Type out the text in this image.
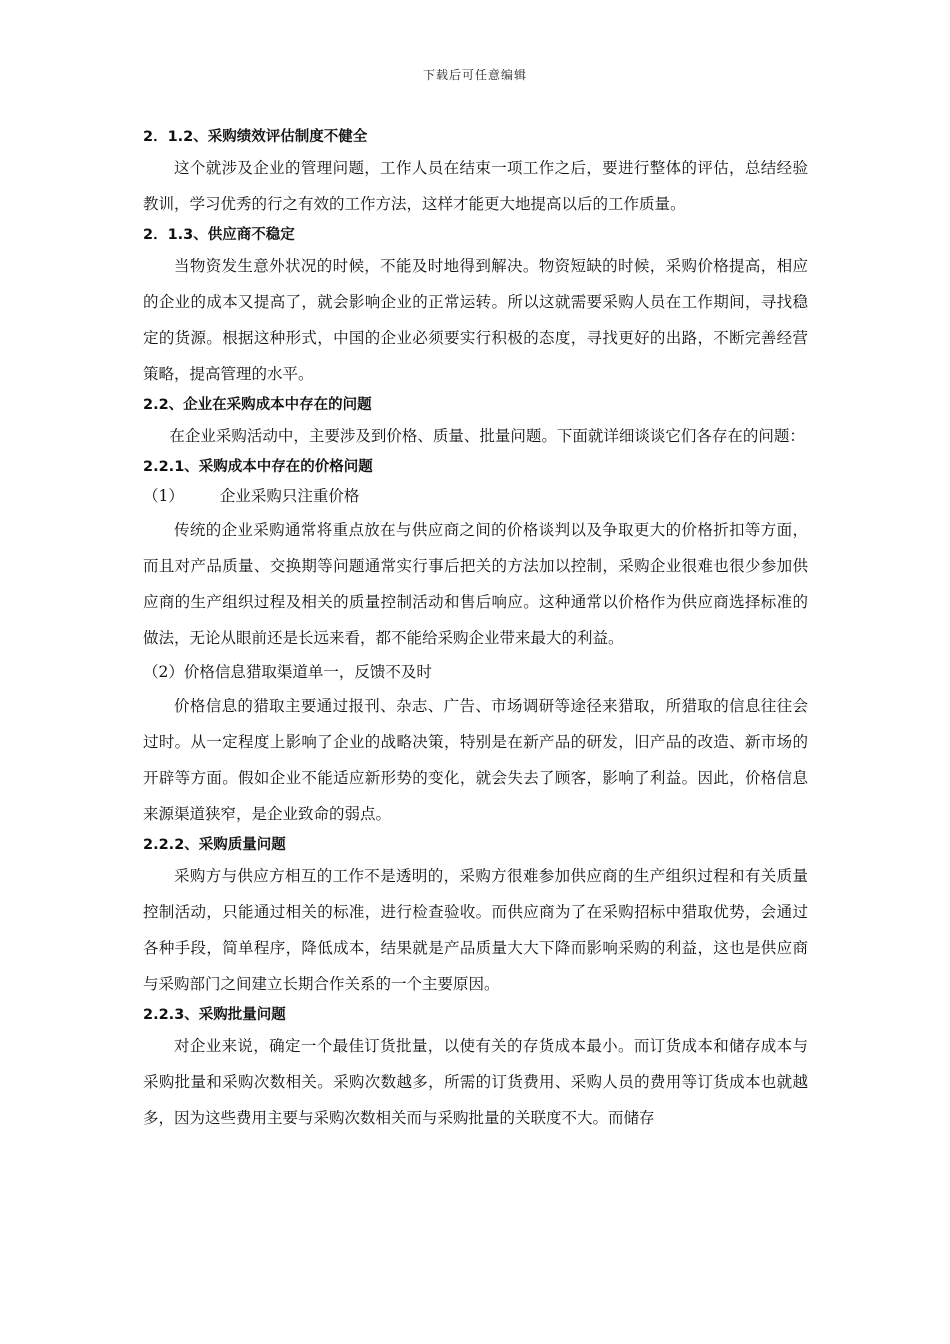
下载后可任意编辑
2．1.2、采购绩效评估制度不健全

这个就涉及企业的管理问题，工作人员在结束一项工作之后，要进行整体的评估，总结经验教训，学习优秀的行之有效的工作方法，这样才能更大地提高以后的工作质量。

2．1.3、供应商不稳定

当物资发生意外状况的时候，不能及时地得到解决。物资短缺的时候，采购价格提高，相应的企业的成本又提高了，就会影响企业的正常运转。所以这就需要采购人员在工作期间，寻找稳定的货源。根据这种形式，中国的企业必须要实行积极的态度，寻找更好的出路，不断完善经营策略，提高管理的水平。

2.2、企业在采购成本中存在的问题

在企业采购活动中，主要涉及到价格、质量、批量问题。下面就详细谈谈它们各存在的问题：

2.2.1、采购成本中存在的价格问题
（1） 企业采购只注重价格

传统的企业采购通常将重点放在与供应商之间的价格谈判以及争取更大的价格折扣等方面，而且对产品质量、交换期等问题通常实行事后把关的方法加以控制，采购企业很难也很少参加供应商的生产组织过程及相关的质量控制活动和售后响应。这种通常以价格作为供应商选择标准的做法，无论从眼前还是长远来看，都不能给采购企业带来最大的利益。

（2）价格信息猎取渠道单一，反馈不及时

价格信息的猎取主要通过报刊、杂志、广告、市场调研等途径来猎取，所猎取的信息往往会过时。从一定程度上影响了企业的战略决策，特别是在新产品的研发，旧产品的改造、新市场的开辟等方面。假如企业不能适应新形势的变化，就会失去了顾客，影响了利益。因此，价格信息来源渠道狭窄，是企业致命的弱点。

2.2.2、采购质量问题

采购方与供应方相互的工作不是透明的，采购方很难参加供应商的生产组织过程和有关质量控制活动，只能通过相关的标准，进行检查验收。而供应商为了在采购招标中猎取优势，会通过各种手段，简单程序，降低成本，结果就是产品质量大大下降而影响采购的利益，这也是供应商与采购部门之间建立长期合作关系的一个主要原因。

2.2.3、采购批量问题

对企业来说，确定一个最佳订货批量，以使有关的存货成本最小。而订货成本和储存成本与采购批量和采购次数相关。采购次数越多，所需的订货费用、采购人员的费用等订货成本也就越多，因为这些费用主要与采购次数相关而与采购批量的关联度不大。而储存
